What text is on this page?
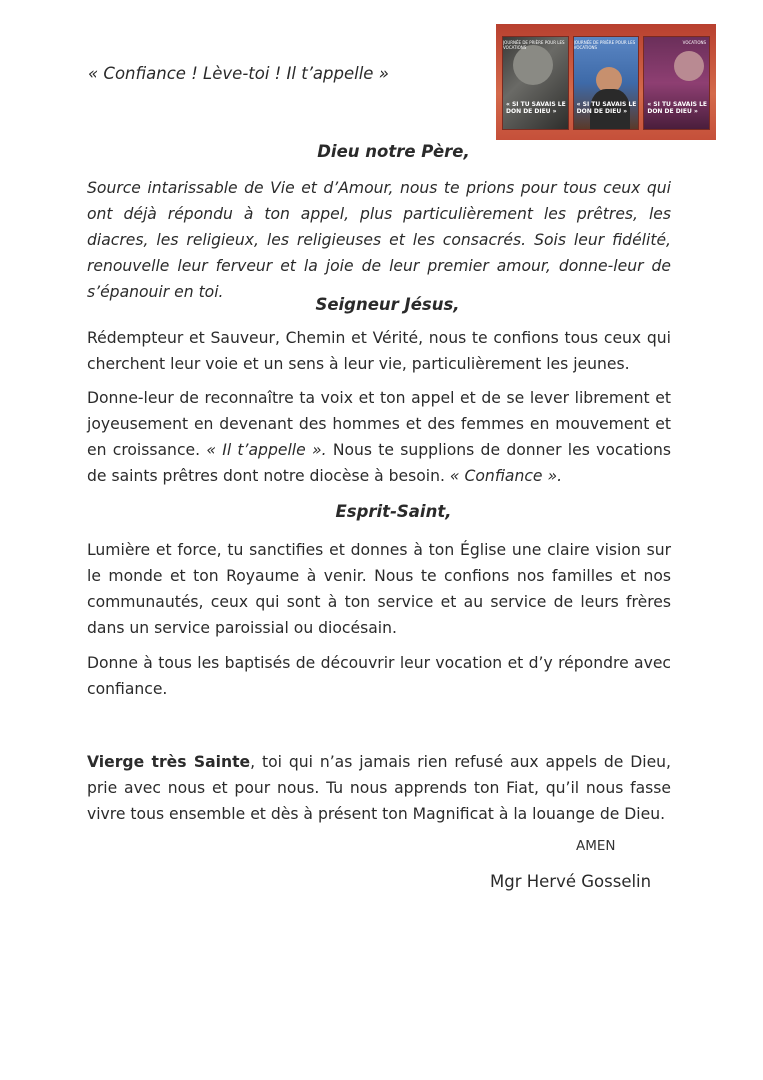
« Confiance ! Lève-toi ! Il t’appelle »
JOURNÉE DE PRIÈRE POUR LES VOCATIONS
« SI TU SAVAIS LE DON DE DIEU »
JOURNÉE DE PRIÈRE POUR LES VOCATIONS
« SI TU SAVAIS LE DON DE DIEU »
VOCATIONS
« SI TU SAVAIS LE DON DE DIEU »
Dieu notre Père,

Source intarissable de Vie et d’Amour, nous te prions pour tous ceux qui ont déjà répondu à ton appel, plus particulièrement les prêtres, les diacres, les religieux, les religieuses et les consacrés. Sois leur fidélité, renouvelle leur ferveur et la joie de leur premier amour, donne-leur de s’épanouir en toi.

Seigneur Jésus,

Rédempteur et Sauveur, Chemin et Vérité, nous te confions tous ceux qui cherchent leur voie et un sens à leur vie, particulièrement les jeunes.

Donne-leur de reconnaître ta voix et ton appel et de se lever librement et joyeusement en devenant des hommes et des femmes en mouvement et en croissance. « Il t’appelle ». Nous te supplions de donner les vocations de saints prêtres dont notre diocèse à besoin. « Confiance ».

Esprit-Saint,

Lumière et force, tu sanctifies et donnes à ton Église une claire vision sur le monde et ton Royaume à venir. Nous te confions nos familles et nos communautés, ceux qui sont à ton service et au service de leurs frères dans un service paroissial ou diocésain.

Donne à tous les baptisés de découvrir leur vocation et d’y répondre avec confiance.

Vierge très Sainte, toi qui n’as jamais rien refusé aux appels de Dieu, prie avec nous et pour nous. Tu nous apprends ton Fiat, qu’il nous fasse vivre tous ensemble et dès à présent ton Magnificat à la louange de Dieu.

AMEN
Mgr Hervé Gosselin
